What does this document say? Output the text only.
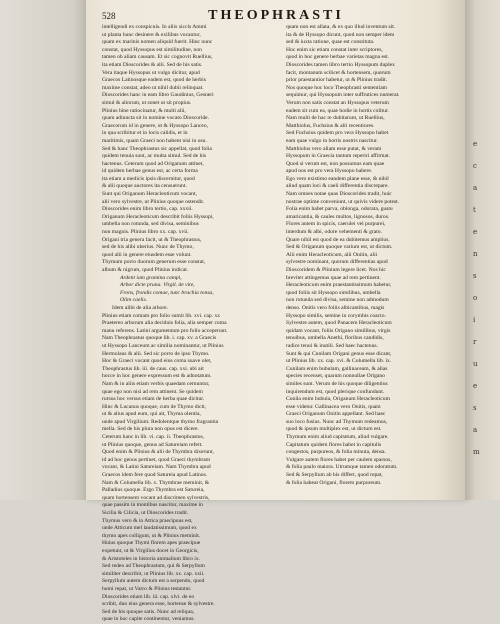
528	THEOPHRASTI
intelligendi ex conspicuis. In aliis siccis Ammi
ut planta hunc desinere & exilibus vocantur,
quam ex marinis nomen aliquid fuerit. Hinc nunc
constat, quod Hyssopus est similitudine, non
tamen ob aliam causam. Et sic cognovit Ruellius,
ita etiam Dioscorides & alii. Sed de his satis.
Vera itaque Hyssopus ut vulgo dicitur, apud
Graecos Latinosque eadem est, quod de herbis
maxime constat, adeo ut nihil dubii relinquat.
Dioscorides hanc in eam libro Gaudinius, Gesneri
simul & aliorum, ut sonet ut sit propius.
Plinius bine ratiocinatur, & multi alii,
quam adiuncta sit in nomine vocato Dioscoride.
Graecorum id in genere, ut & Hyssopo Lanceo,
in qua scribitur et in locis calidis, et in
maritimis, quam Graeci non habent nisi in usu.
Sed & hanc Theophrastus sic appellat, quod folia
quidem tenuia sunt, ac multa simul. Sed de his
hactenus. Ceterum quod ad Origanum attinet,
id quidem herbae genus est, ac certa forma
ita etiam a medicis ipsis discernitur, quod
& alii quoque auctores ita censuerunt.
Sunt qui Origanum Heracleoticum vocant,
alii vero sylvestre, ut Plinius quoque ostendit.
Dioscorides enim libro tertio, cap. xxxii.
Origanum Heracleoticum describit foliis Hyssopi,
umbella non rotunda, sed divisa, seminibus
non magnis. Plinius libro xx. cap. xvii.
Origani tria genera facit, ut & Theophrastus,
sed de his alibi uberius. Nunc de Thymo,
quod alii in genere eiusdem esse volunt.
Thymum porro duorum generum esse constat,
album & nigrum, quod Plinius indicat.
Ardent iam gramina campi,
Arbor dicte pruna. Virgil. de vite,
Frons, frondis comae, tunc brachia tonsa,
Olim caelis.
Idem alibi de alia arbore.
Plinius etiam comam pro folio sumit lib. xvi. cap. xx
Praetereo arborum alia deciduis folia, alia semper coma
manu referens. Latini argumentum pro folio acceperunt.
Nam Theophrastus quoque lib. i. cap. xv. a Graecis
ut Hyssopo Lanceum ac similia nominantur, ut Plinius
Hermolaus & alii. Sed sic porro de ipso Thymo.
Hoc & Graeci vocant quod eius coma suave olet,
Theophrastus lib. iii. de caus. cap. xxi. ubi ait
hocce in hoc genere expressum est & adnotatum.
Nam & in aliis etiam verbis quaedam cernuntur,
quae ego non nisi ad rem attinent. Se quidem
rursus hoc versus etiam de herba quae dicitur.
Hinc & Lucanus quoque, cum de Thymo dicit,
ut & alius apud eum, qui ait, Thyma olentia,
unde apud Virgilium: Redolentque thymo fragrantia
mella. Sed de his plura non opus est dicere.
Ceterum hanc in lib. vi. cap. ii. Theophrastus,
ut Plinius quoque, genus ad Satureiam refert.
Quod enim & Plinius & alii de Thymbra dixerunt,
id ad hoc genus pertinet, quod Graeci thymbram
vocant, & Latini Satureiam. Nam Thymbra apud
Graecos idem fere quod Satureia apud Latinos.
Nam & Columella lib. x. Thymbrae meminit, &
Palladius quoque. Ergo Thymbra est Satureia,
quam hortensem vocant ad discrimen sylvestris,
quae passim in montibus nascitur, maxime in
Sicilia & Cilicia, ut Dioscorides tradit.
Thymus vero & in Attica praecipuus est,
unde Atticum mel laudatissimum, quod ex
thymo apes colligunt, ut & Plinius meminit.
Huius quoque Thymi florem apes praecipue
expetunt, ut & Virgilius docet in Georgicis,
& Aristoteles in historia animalium libro ix.
Sed redeo ad Theophrastum, qui & Serpyllum
similiter describit, ut Plinius lib. xx. cap. xxii.
Serpyllum autem dictum est a serpendo, quod
humi repat, ut Varro & Plinius testantur.
Dioscorides etiam lib. iii. cap. xlvi. de eo
scribit, duo eius genera esse, hortense & sylvestre.
Sed de his quoque satis. Nunc ad reliqua,
quae in hoc capite continentur, veniamus.
quam non est allata, & ex quo illud inventum sit.
ita & de Hyssopo dicunt, quod non semper idem
sed & iuxta ratione, quae est constituta.
Hoc enim sic etiam constat inter scriptores,
quod in hoc genere herbae varietas magna est.
Dioscorides tamen libro tertio Hyssopum duplex
facit, montanum scilicet & hortensem, quorum
prior praestantior habetur, ut & Plinius tradit.
Nos quoque hoc loco Theophrasti sententiam
sequimur, qui Hyssopum inter suffrutices numerat.
Verum non satis constat an Hyssopus veterum
eadem sit cum ea, quae hodie in hortis colitur.
Nam multi de hac re dubitarunt, ut Ruellius,
Matthiolus, Fuchsius & alii recentiores.
Sed Fuchsius quidem pro vera Hyssopo habet
eam quae vulgo in hortis nostris nascitur.
Matthiolus vero aliam esse putat, & veram
Hyssopum in Graecia tantum reperiri affirmat.
Quod si verum est, non possumus eam quae
apud nos est pro vera Hyssopo habere.
Ego vero existimo eandem plane esse, & nihil
aliud quam loci & caeli differentia discrepare.
Nam omnes notae quas Dioscorides tradit, huic
nostrae optime conveniunt, ut quivis videre potest.
Folia enim habet parva, oblonga, odorata, gustu
amaricantia, & caules multos, lignosos, duros.
Flores autem in spicis, caerulei vel purpurei,
interdum & albi, odore vehementi & grato.
Quare nihil est quod de ea dubitemus amplius.
Sed & Origanum quoque varium est, ut dictum.
Alii enim Heracleoticum, alii Onitin, alii
sylvestre nominant, quorum differentias apud
Dioscoridem & Plinium legere licet. Nos hic
breviter attingemus quae ad rem pertinent.
Heracleoticum enim praestantissimum habetur,
quod foliis sit Hyssopo similibus, umbella
non rotunda sed divisa, semine non admodum
denso. Onitis vero foliis albicantibus, magis
Hyssopo similis, semine in corymbis coacto.
Sylvestre autem, quod Panacem Heracleoticum
quidam vocant, foliis Origano similibus, virgis
tenuibus, umbella Anethi, floribus candidis,
radice tenui & inutili. Sed haec hactenus.
Sunt & qui Cunilam Origani genus esse dicant,
ut Plinius lib. xx. cap. xvi. & Columella lib. ix.
Cunilam enim bubulam, gallinaceam, & alias
species recenset, quarum nonnullae Origano
similes sunt. Verum de his quoque diligentius
inquirendum est, quod plerique confundunt.
Cunila enim bubula, Origanum Heracleoticum
esse videtur. Gallinacea vero Onitis, quam
Graeci Origanum Onitin appellant. Sed haec
suo loco fusius. Nunc ad Thymum redeamus,
quod & ipsum multiplex est, ut dictum est.
Thymum enim aliud capitatum, aliud vulgare.
Capitatum quidem flores habet in capitulis
congestos, purpureos, & folia minuta, densa.
Vulgare autem flores habet per caulem sparsos,
& folia paulo maiora. Utrumque tamen odoratum.
Sed & Serpyllum ab his differt, quod repat,
& folia habeat Origani, florem purpureum.
e
c
a
t
e
n
s
o
i
r
u
e
s
a
m
